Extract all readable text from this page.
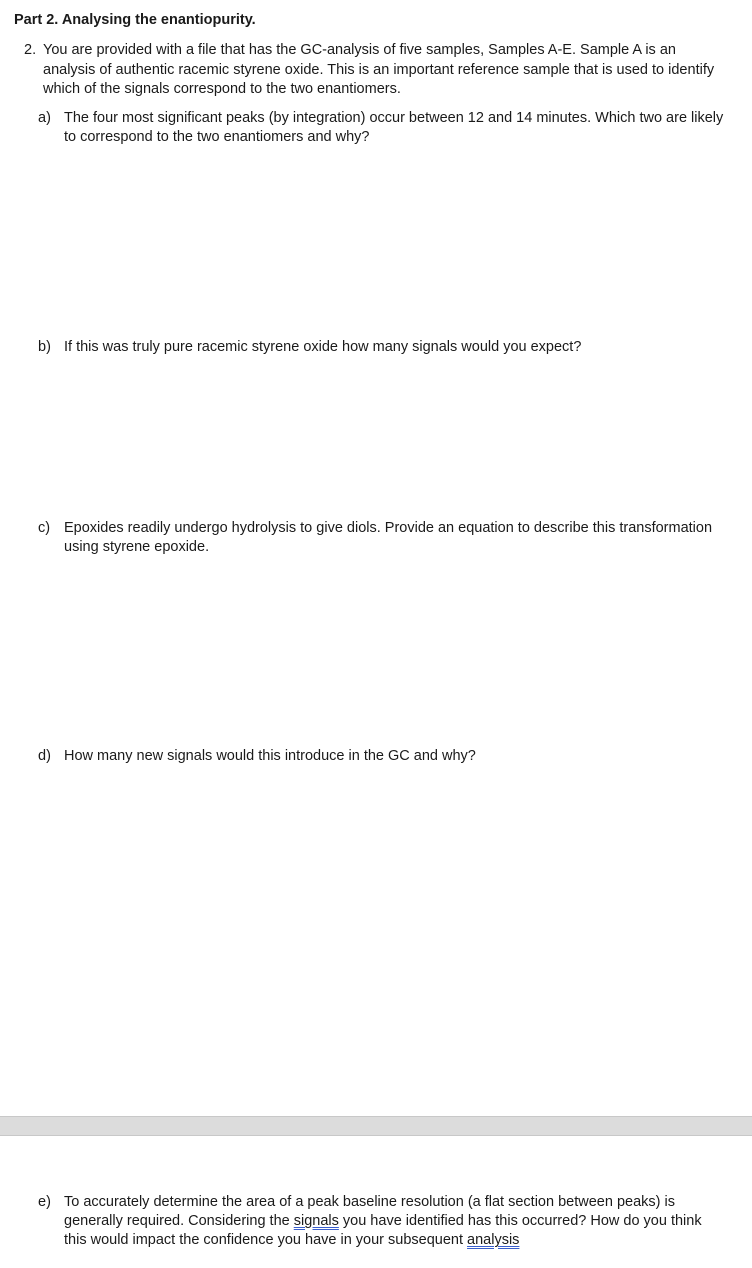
Part 2. Analysing the enantiopurity.
2. You are provided with a file that has the GC-analysis of five samples, Samples A-E. Sample A is an analysis of authentic racemic styrene oxide. This is an important reference sample that is used to identify which of the signals correspond to the two enantiomers.
a) The four most significant peaks (by integration) occur between 12 and 14 minutes. Which two are likely to correspond to the two enantiomers and why?
b) If this was truly pure racemic styrene oxide how many signals would you expect?
c) Epoxides readily undergo hydrolysis to give diols. Provide an equation to describe this transformation using styrene epoxide.
d) How many new signals would this introduce in the GC and why?
e) To accurately determine the area of a peak baseline resolution (a flat section between peaks) is generally required. Considering the signals you have identified has this occurred? How do you think this would impact the confidence you have in your subsequent analysis
